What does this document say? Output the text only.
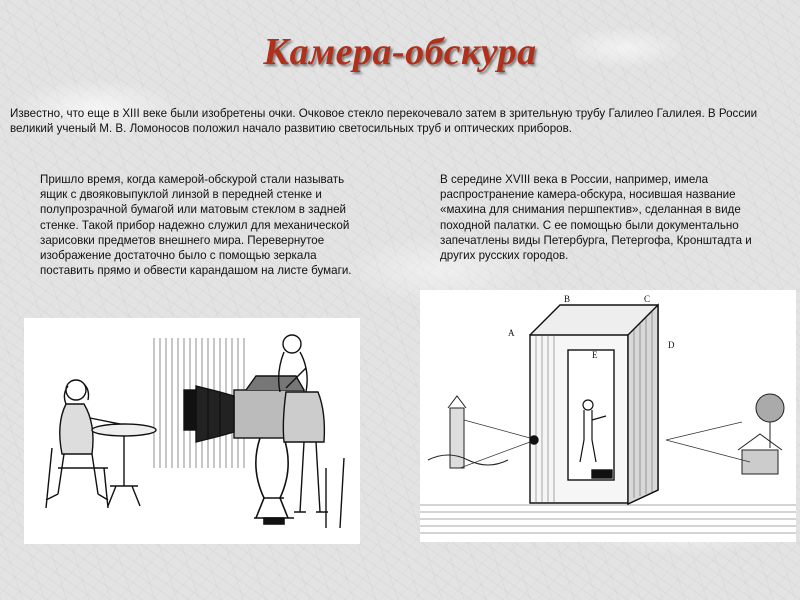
Камера-обскура
Известно, что еще в XIII веке были изобретены очки. Очковое стекло перекочевало затем в зрительную трубу Галилео Галилея. В России великий ученый М. В. Ломоносов положил начало развитию светосильных труб и оптических приборов.
Пришло время, когда камерой-обскурой стали называть ящик с двояковыпуклой линзой в передней стенке и полупрозрачной бумагой или матовым стеклом в задней стенке. Такой прибор надежно служил для механической зарисовки предметов внешнего мира. Перевернутое изображение достаточно было с помощью зеркала поставить прямо и обвести карандашом на листе бумаги.
В середине XVIII века в России, например, имела распространение камера-обскура, носившая название «махина для снимания першпектив», сделанная в виде походной палатки. С ее помощью были документально запечатлены виды Петербурга, Петергофа, Кронштадта и других русских городов.
A
B	C
D
E
